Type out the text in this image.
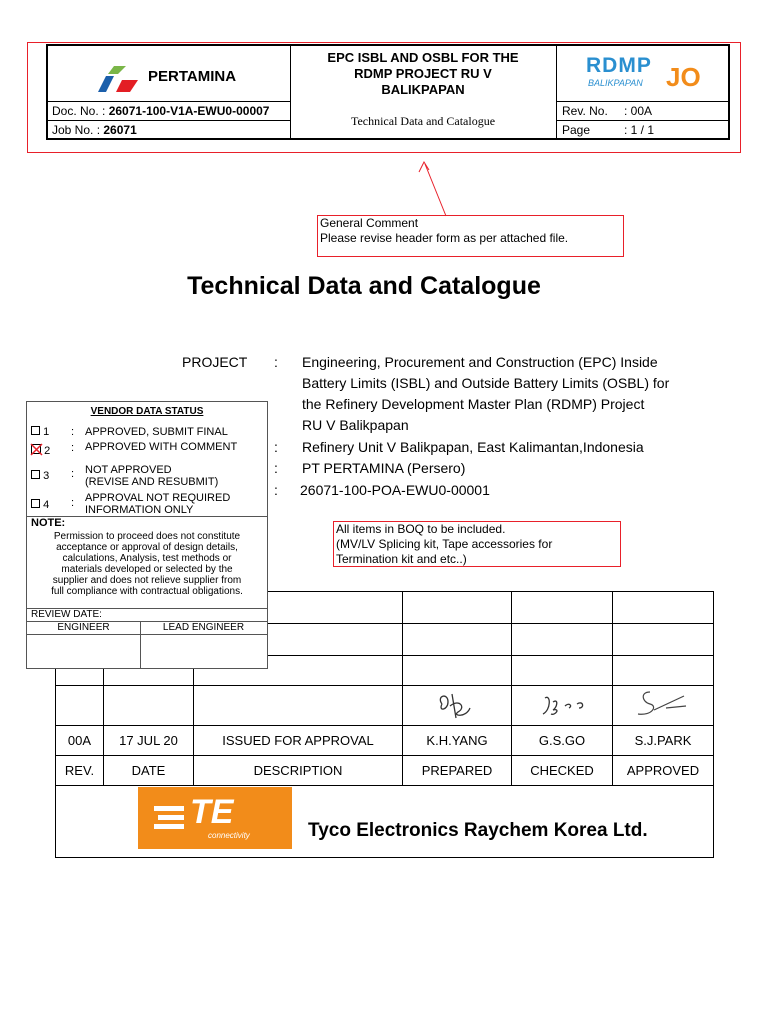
PERTAMINA
Doc. No. : 26071-100-V1A-EWU0-00007
Job No. : 26071
EPC ISBL AND OSBL FOR THE
RDMP PROJECT RU V
BALIKPAPAN
Technical Data and Catalogue
RDMP
BALIKPAPAN JO
Rev. No. : 00A
Page	: 1 / 1
General Comment
Please revise header form as per attached file.
Technical Data and Catalogue
PROJECT : Engineering, Procurement and Construction (EPC) Inside
Battery Limits (ISBL) and Outside Battery Limits (OSBL) for
the Refinery Development Master Plan (RDMP) Project
RU V Balikpapan
: Refinery Unit V Balikpapan, East Kalimantan,Indonesia
: PT PERTAMINA (Persero)
: 26071-100-POA-EWU0-00001
All items in BOQ to be included.
(MV/LV Splicing kit, Tape accessories for
Termination kit and etc..)

00A	17 JUL 20	ISSUED FOR APPROVAL	K.H.YANG	G.S.GO	S.J.PARK
REV.	DATE	DESCRIPTION	PREPARED	CHECKED	APPROVED

VENDOR DATA STATUS
1 : APPROVED, SUBMIT FINAL
2 : APPROVED WITH COMMENT
3 : NOT APPROVED
(REVISE AND RESUBMIT)
4 : APPROVAL NOT REQUIRED
INFORMATION ONLY
NOTE:
Permission to proceed does not constitute
acceptance or approval of design details,
calculations, Analysis, test methods or
materials developed or selected by the
supplier and does not relieve supplier from
full compliance with contractual obligations.
REVIEW DATE:
ENGINEER	LEAD ENGINEER
TE
connectivity	Tyco Electronics Raychem Korea Ltd.
